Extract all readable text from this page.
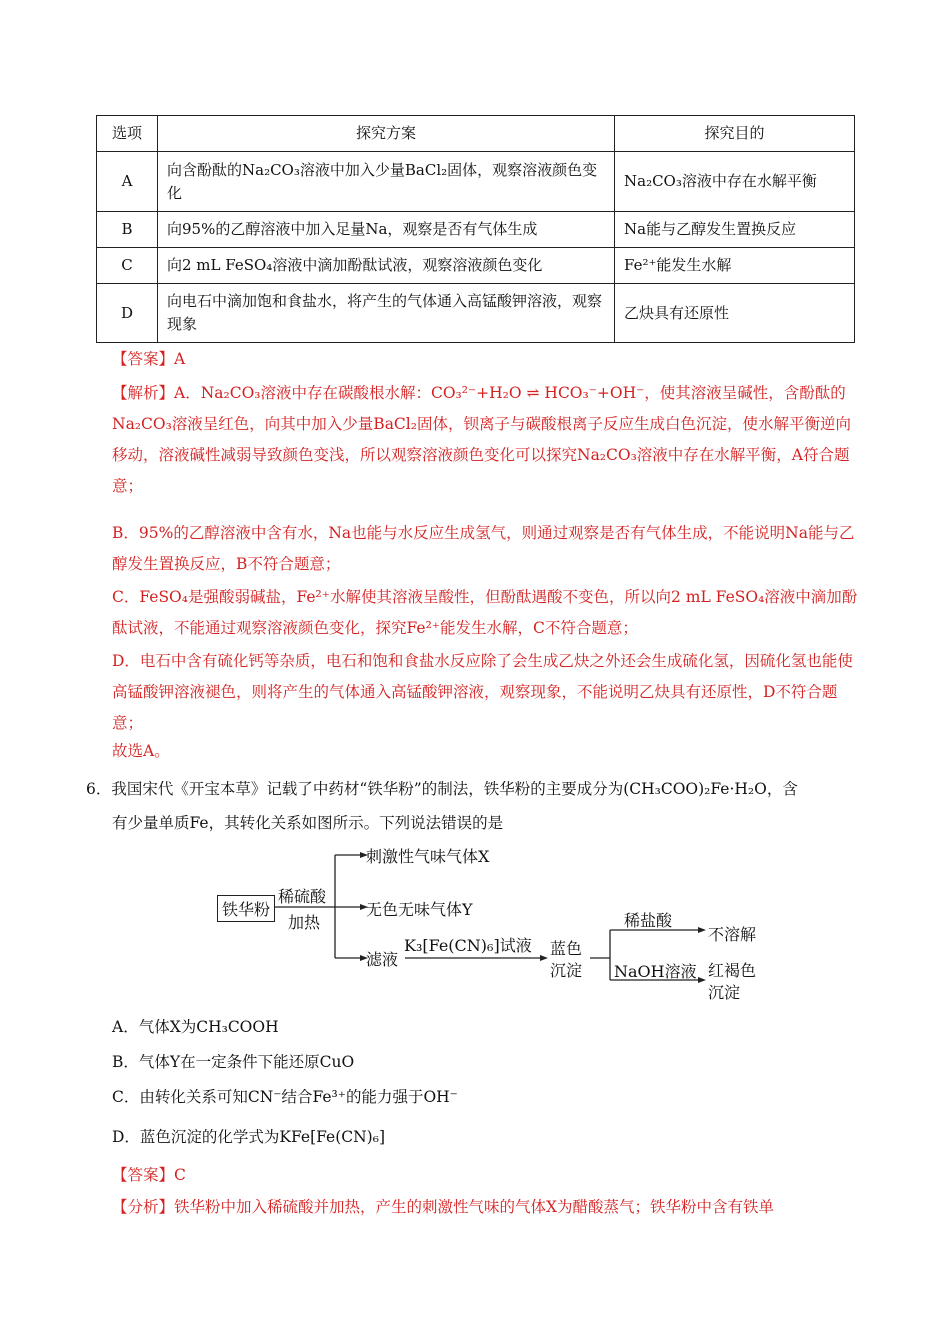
选项	探究方案	探究目的
A	向含酚酞的Na₂CO₃溶液中加入少量BaCl₂固体，观察溶液颜色变化	Na₂CO₃溶液中存在水解平衡
B	向95%的乙醇溶液中加入足量Na，观察是否有气体生成	Na能与乙醇发生置换反应
C	向2 mL FeSO₄溶液中滴加酚酞试液，观察溶液颜色变化	Fe²⁺能发生水解
D	向电石中滴加饱和食盐水，将产生的气体通入高锰酸钾溶液，观察现象	乙炔具有还原性
【答案】A
【解析】A．Na₂CO₃溶液中存在碳酸根水解：CO₃²⁻+H₂O ⇌ HCO₃⁻+OH⁻，使其溶液呈碱性，含酚酞的Na₂CO₃溶液呈红色，向其中加入少量BaCl₂固体，钡离子与碳酸根离子反应生成白色沉淀，使水解平衡逆向移动，溶液碱性减弱导致颜色变浅，所以观察溶液颜色变化可以探究Na₂CO₃溶液中存在水解平衡，A符合题意；
B．95%的乙醇溶液中含有水，Na也能与水反应生成氢气，则通过观察是否有气体生成，不能说明Na能与乙醇发生置换反应，B不符合题意；
C．FeSO₄是强酸弱碱盐，Fe²⁺水解使其溶液呈酸性，但酚酞遇酸不变色，所以向2 mL FeSO₄溶液中滴加酚酞试液，不能通过观察溶液颜色变化，探究Fe²⁺能发生水解，C不符合题意；
D．电石中含有硫化钙等杂质，电石和饱和食盐水反应除了会生成乙炔之外还会生成硫化氢，因硫化氢也能使高锰酸钾溶液褪色，则将产生的气体通入高锰酸钾溶液，观察现象，不能说明乙炔具有还原性，D不符合题意；
故选A。
6．我国宋代《开宝本草》记载了中药材“铁华粉”的制法，铁华粉的主要成分为(CH₃COO)₂Fe·H₂O，含
有少量单质Fe，其转化关系如图所示。下列说法错误的是
铁华粉
稀硫酸
加热
刺激性气味气体X
无色无味气体Y
滤液
K₃[Fe(CN)₆]试液 蓝色
沉淀
稀盐酸
不溶解
NaOH溶液 红褐色
沉淀
A．气体X为CH₃COOH
B．气体Y在一定条件下能还原CuO
C．由转化关系可知CN⁻结合Fe³⁺的能力强于OH⁻
D．蓝色沉淀的化学式为KFe[Fe(CN)₆]
【答案】C
【分析】铁华粉中加入稀硫酸并加热，产生的刺激性气味的气体X为醋酸蒸气；铁华粉中含有铁单
